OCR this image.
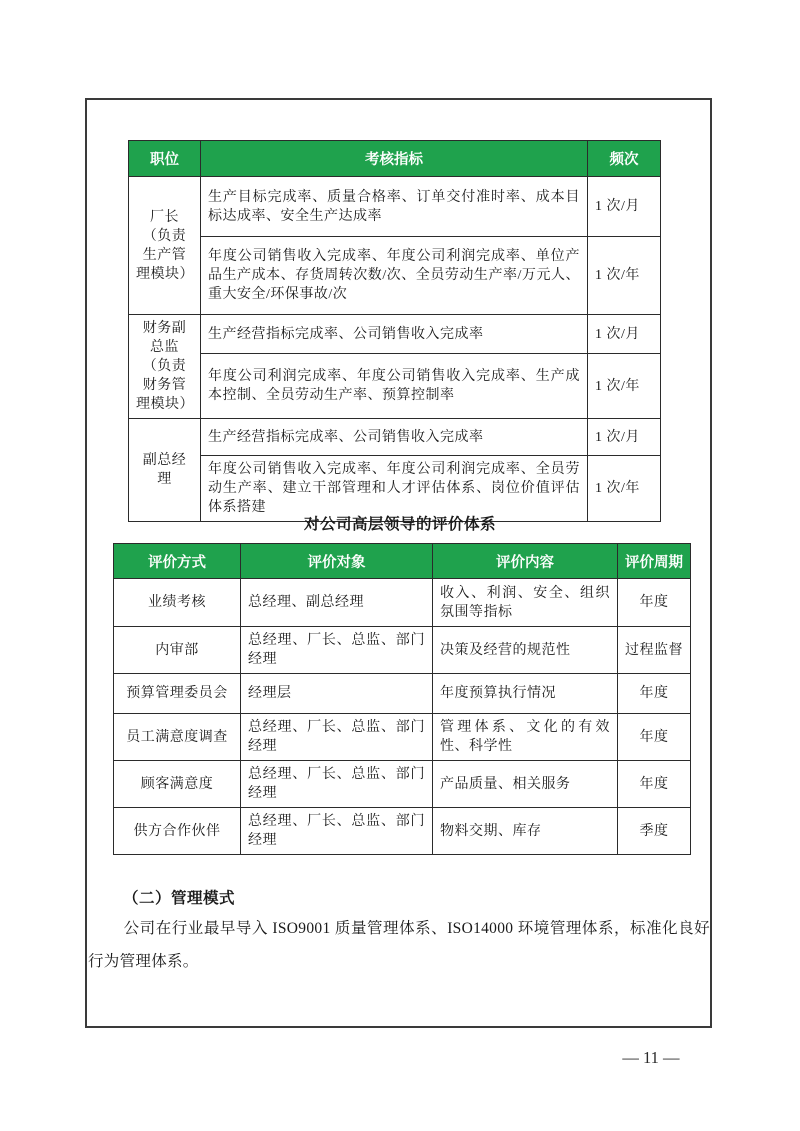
职位	考核指标	频次
厂长（负责生产管理模块）	生产目标完成率、质量合格率、订单交付准时率、成本目标达成率、安全生产达成率	1 次/月
	年度公司销售收入完成率、年度公司利润完成率、单位产品生产成本、存货周转次数/次、全员劳动生产率/万元人、重大安全/环保事故/次	1 次/年
财务副总监（负责财务管理模块）	生产经营指标完成率、公司销售收入完成率	1 次/月
	年度公司利润完成率、年度公司销售收入完成率、生产成本控制、全员劳动生产率、预算控制率	1 次/年
副总经理	生产经营指标完成率、公司销售收入完成率	1 次/月
	年度公司销售收入完成率、年度公司利润完成率、全员劳动生产率、建立干部管理和人才评估体系、岗位价值评估体系搭建	1 次/年
对公司高层领导的评价体系
评价方式	评价对象	评价内容	评价周期
业绩考核	总经理、副总经理	收入、利润、安全、组织氛围等指标	年度
内审部	总经理、厂长、总监、部门经理	决策及经营的规范性	过程监督
预算管理委员会	经理层	年度预算执行情况	年度
员工满意度调查	总经理、厂长、总监、部门经理	管理体系、文化的有效性、科学性	年度
顾客满意度	总经理、厂长、总监、部门经理	产品质量、相关服务	年度
供方合作伙伴	总经理、厂长、总监、部门经理	物料交期、库存	季度
（二）管理模式
公司在行业最早导入 ISO9001 质量管理体系、ISO14000 环境管理体系，标准化良好行为管理体系。
— 11 —
